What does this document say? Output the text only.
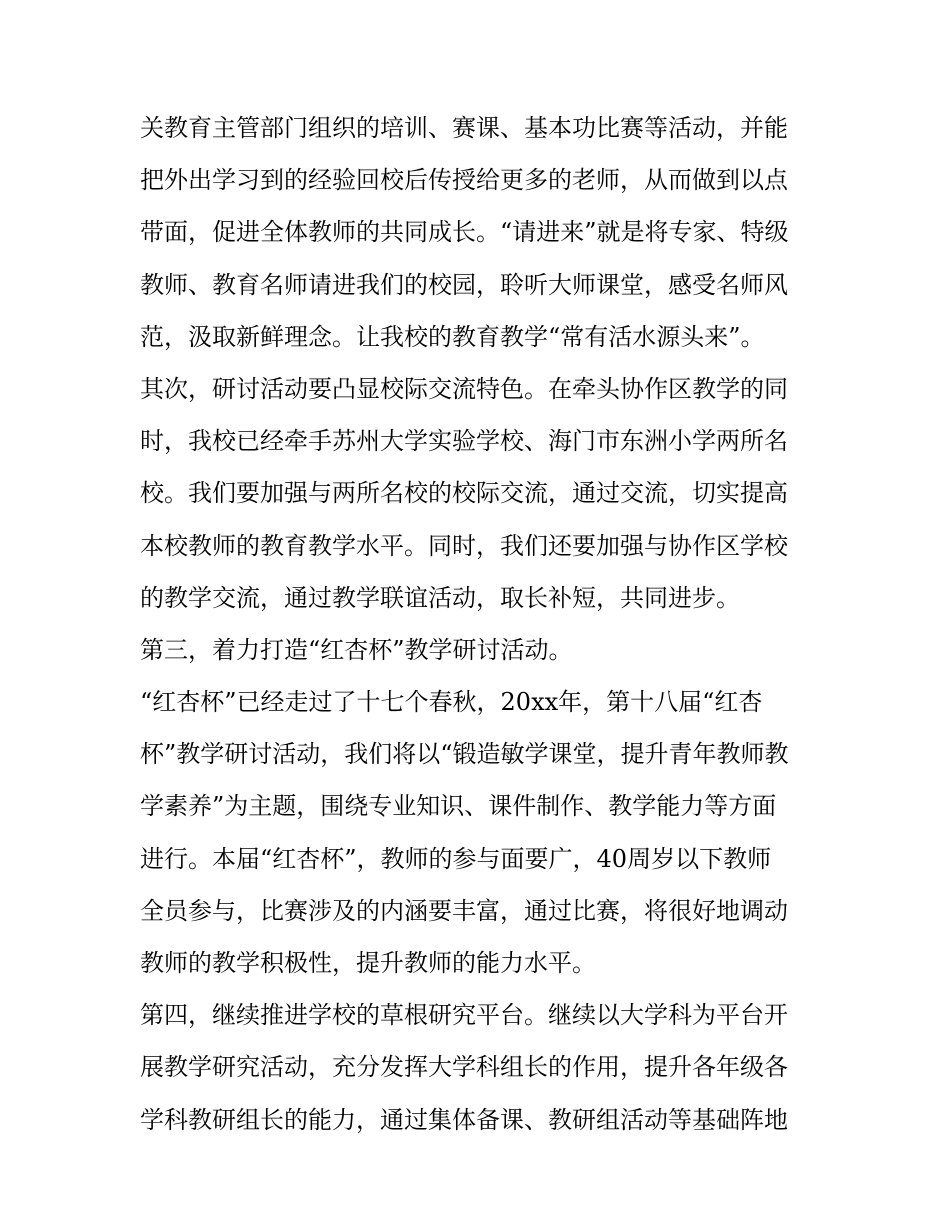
关教育主管部门组织的培训、赛课、基本功比赛等活动，并能
把外出学习到的经验回校后传授给更多的老师，从而做到以点
带面，促进全体教师的共同成长。“请进来”就是将专家、特级
教师、教育名师请进我们的校园，聆听大师课堂，感受名师风
范，汲取新鲜理念。让我校的教育教学“常有活水源头来”。
其次，研讨活动要凸显校际交流特色。在牵头协作区教学的同
时，我校已经牵手苏州大学实验学校、海门市东洲小学两所名
校。我们要加强与两所名校的校际交流，通过交流，切实提高
本校教师的教育教学水平。同时，我们还要加强与协作区学校
的教学交流，通过教学联谊活动，取长补短，共同进步。
第三，着力打造“红杏杯”教学研讨活动。
“红杏杯”已经走过了十七个春秋，20xx年，第十八届“红杏
杯”教学研讨活动，我们将以“锻造敏学课堂，提升青年教师教
学素养”为主题，围绕专业知识、课件制作、教学能力等方面
进行。本届“红杏杯”，教师的参与面要广，40周岁以下教师
全员参与，比赛涉及的内涵要丰富，通过比赛，将很好地调动
教师的教学积极性，提升教师的能力水平。
第四，继续推进学校的草根研究平台。继续以大学科为平台开
展教学研究活动，充分发挥大学科组长的作用，提升各年级各
学科教研组长的能力，通过集体备课、教研组活动等基础阵地
